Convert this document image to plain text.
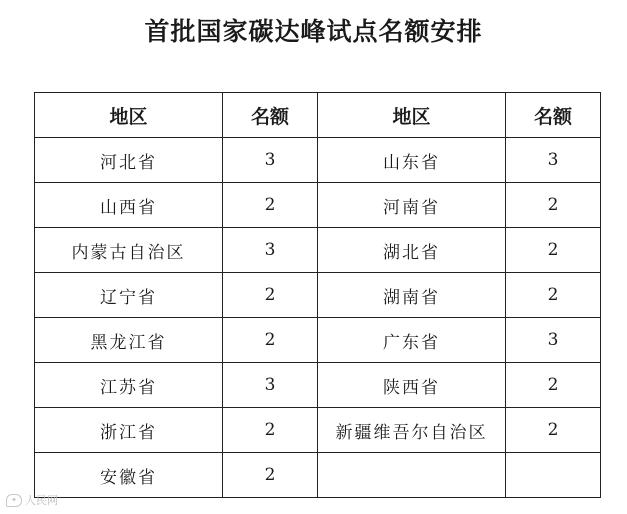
首批国家碳达峰试点名额安排
地区	名额	地区	名额
河北省	3	山东省	3
山西省	2	河南省	2
内蒙古自治区	3	湖北省	2
辽宁省	2	湖南省	2
黑龙江省	2	广东省	3
江苏省	3	陕西省	2
浙江省	2	新疆维吾尔自治区	2
安徽省	2		
✦ 人民网
